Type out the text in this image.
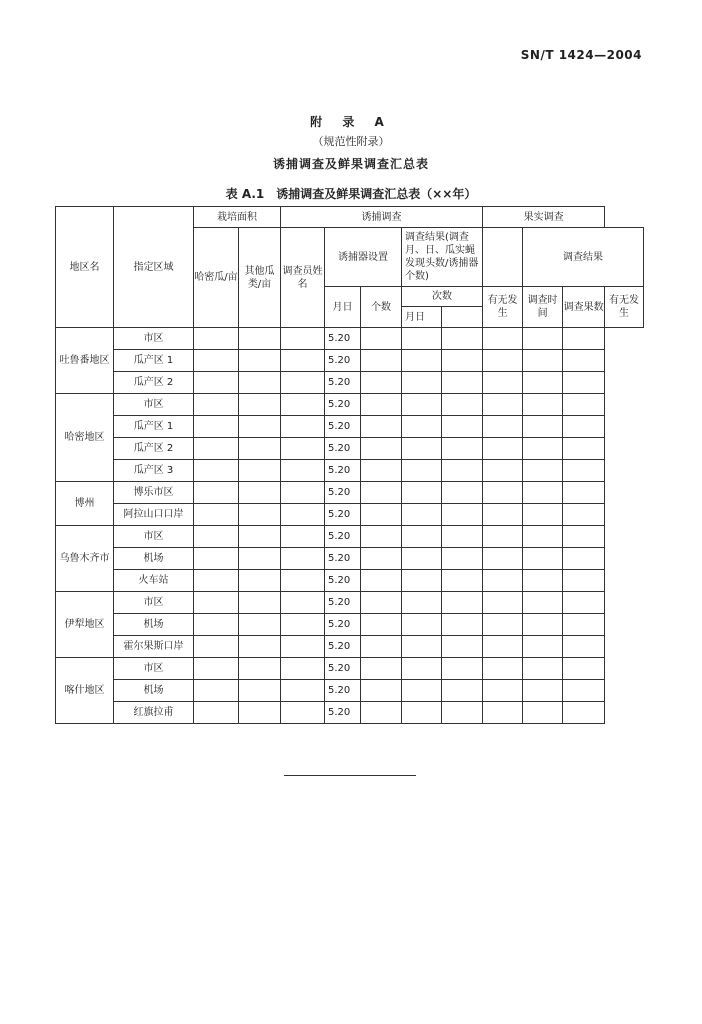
SN/T 1424—2004
附 录 A
（规范性附录）
诱捕调查及鲜果调查汇总表
表 A.1　诱捕调查及鲜果调查汇总表（××年）
地区名	指定区域	栽培面积		诱捕调查					果实调查			
		哈密瓜/亩	其他瓜类/亩	调查员姓名	诱捕器设置		调查结果(调查月、日、瓜实蝇发现头数/诱捕器个数)			调查结果		

					月日	个数	次数		有无发生	调查时间	调查果数	有无发生
							月日					
吐鲁番地区	市区				5.20							
	瓜产区 1				5.20							
	瓜产区 2				5.20							
哈密地区	市区				5.20							
	瓜产区 1				5.20							
	瓜产区 2				5.20							
	瓜产区 3				5.20							
博州	博乐市区				5.20							
	阿拉山口口岸				5.20							
乌鲁木齐市	市区				5.20							
	机场				5.20							
	火车站				5.20							
伊犁地区	市区				5.20							
	机场				5.20							
	霍尔果斯口岸				5.20							
喀什地区	市区				5.20							
	机场				5.20							
	红旗拉甫				5.20							
